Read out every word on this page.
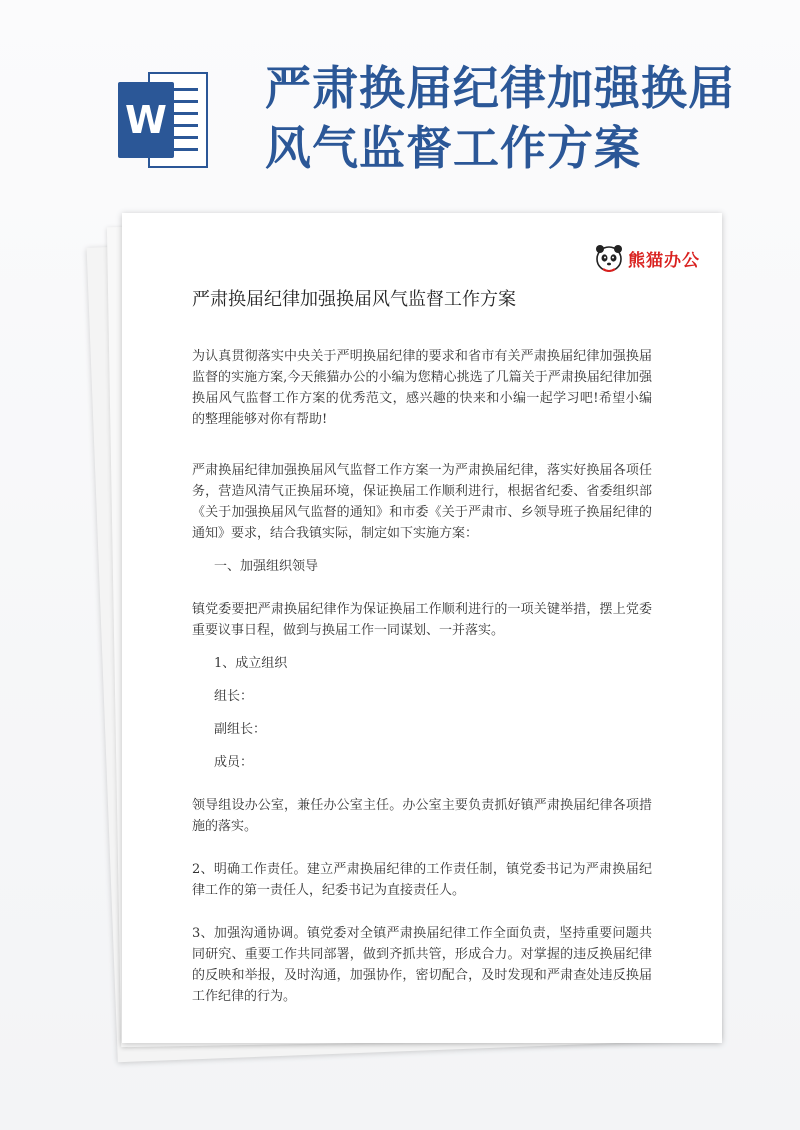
W
严肃换届纪律加强换届风气监督工作方案
熊猫办公
严肃换届纪律加强换届风气监督工作方案

为认真贯彻落实中央关于严明换届纪律的要求和省市有关严肃换届纪律加强换届监督的实施方案,今天熊猫办公的小编为您精心挑选了几篇关于严肃换届纪律加强换届风气监督工作方案的优秀范文，感兴趣的快来和小编一起学习吧!希望小编的整理能够对你有帮助!

严肃换届纪律加强换届风气监督工作方案一为严肃换届纪律，落实好换届各项任务，营造风清气正换届环境，保证换届工作顺利进行，根据省纪委、省委组织部《关于加强换届风气监督的通知》和市委《关于严肃市、乡领导班子换届纪律的通知》要求，结合我镇实际，制定如下实施方案：

一、加强组织领导

镇党委要把严肃换届纪律作为保证换届工作顺利进行的一项关键举措，摆上党委重要议事日程，做到与换届工作一同谋划、一并落实。

1、成立组织

组长：

副组长：

成员：

领导组设办公室，兼任办公室主任。办公室主要负责抓好镇严肃换届纪律各项措施的落实。

2、明确工作责任。建立严肃换届纪律的工作责任制，镇党委书记为严肃换届纪律工作的第一责任人，纪委书记为直接责任人。

3、加强沟通协调。镇党委对全镇严肃换届纪律工作全面负责，坚持重要问题共同研究、重要工作共同部署，做到齐抓共管，形成合力。对掌握的违反换届纪律的反映和举报，及时沟通，加强协作，密切配合，及时发现和严肃查处违反换届工作纪律的行为。
